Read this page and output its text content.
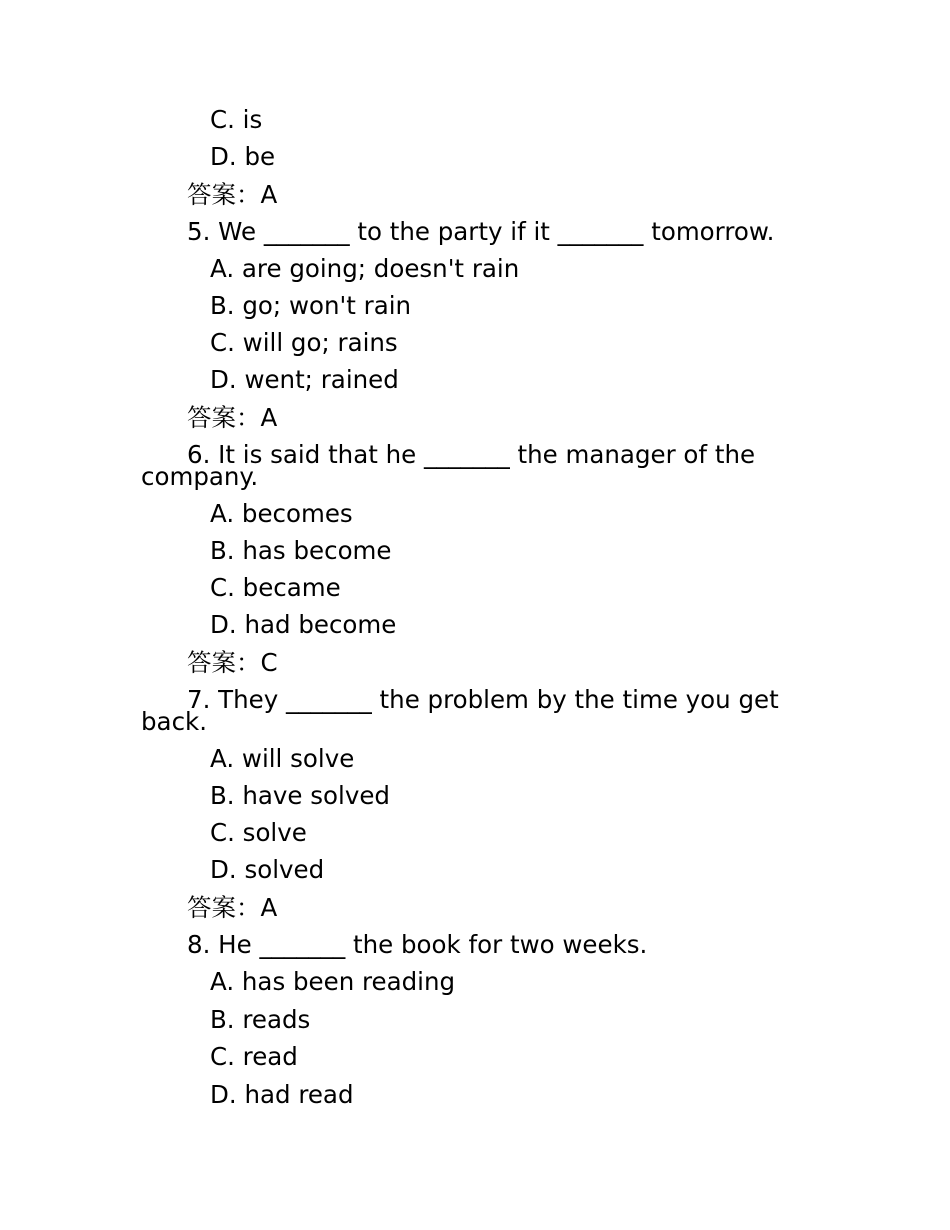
C. is
D. be
答案：A
5. We _______ to the party if it _______ tomorrow.
A. are going; doesn't rain
B. go; won't rain
C. will go; rains
D. went; rained
答案：A
6. It is said that he _______ the manager of the
company.
A. becomes
B. has become
C. became
D. had become
答案：C
7. They _______ the problem by the time you get
back.
A. will solve
B. have solved
C. solve
D. solved
答案：A
8. He _______ the book for two weeks.
A. has been reading
B. reads
C. read
D. had read
